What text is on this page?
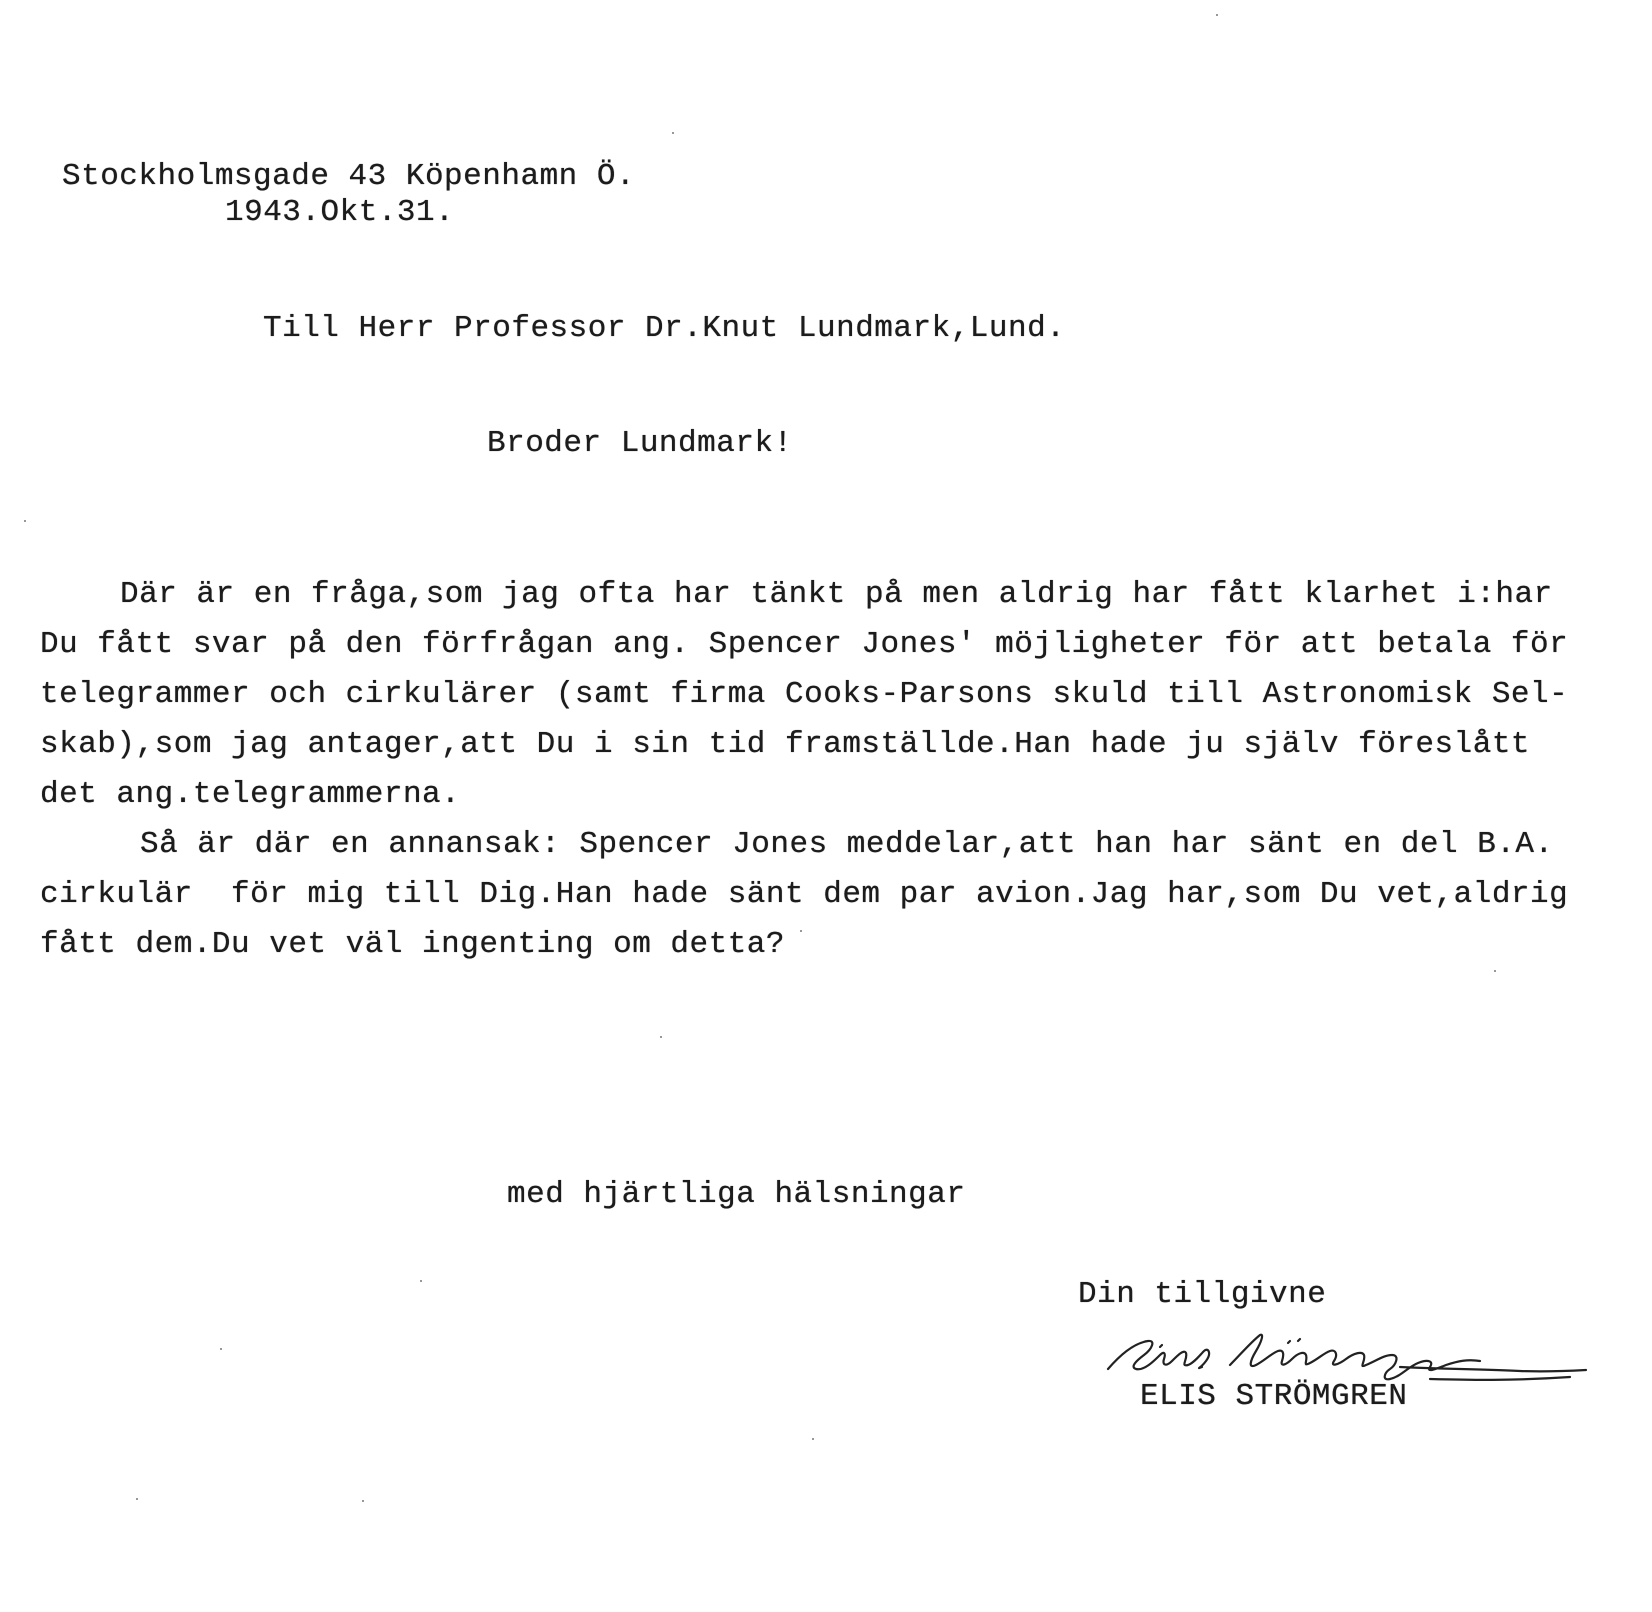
Stockholmsgade 43 Köpenhamn Ö.
1943.Okt.31.
Till Herr Professor Dr.Knut Lundmark,Lund.
Broder Lundmark!
Där är en fråga,som jag ofta har tänkt på men aldrig har fått klarhet i:har
Du fått svar på den förfrågan ang. Spencer Jones' möjligheter för att betala för
telegrammer och cirkulärer (samt firma Cooks-Parsons skuld till Astronomisk Sel-
skab),som jag antager,att Du i sin tid framställde.Han hade ju själv föreslått
det ang.telegrammerna.
Så är där en annansak: Spencer Jones meddelar,att han har sänt en del B.A.
cirkulär  för mig till Dig.Han hade sänt dem par avion.Jag har,som Du vet,aldrig
fått dem.Du vet väl ingenting om detta?
med hjärtliga hälsningar
Din tillgivne
ELIS STRÖMGREN
